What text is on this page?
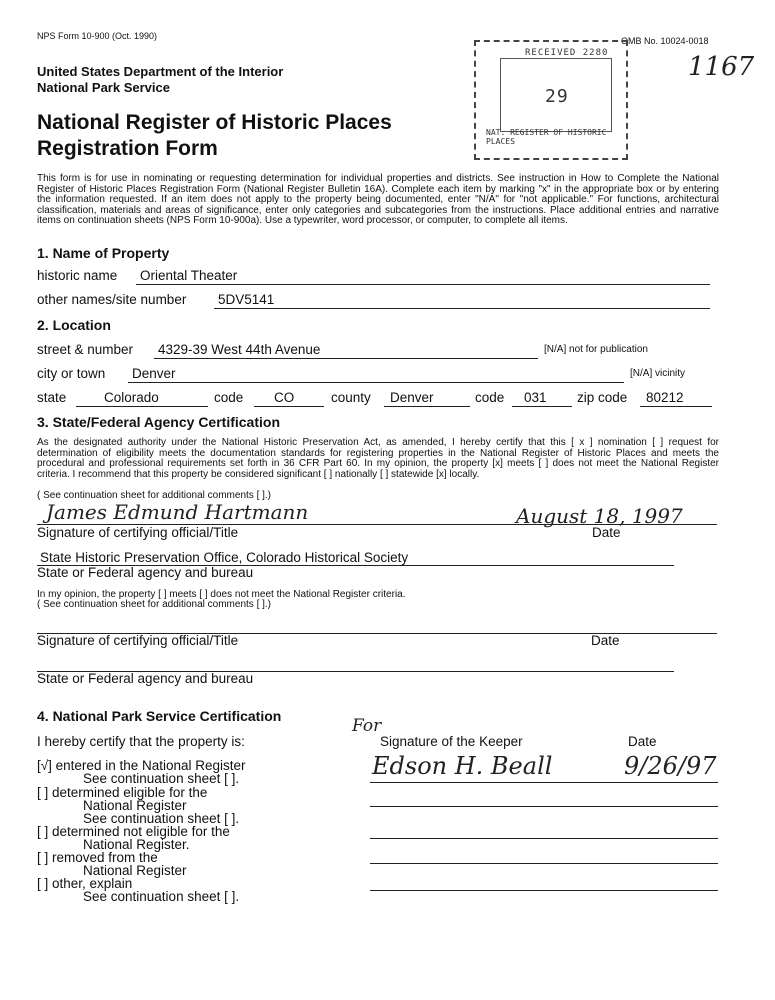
NPS Form 10-900 (Oct. 1990)	OMB No. 10024-0018
RECEIVED 2280
29
NAT. REGISTER OF HISTORIC PLACES
1167
United States Department of the Interior
National Park Service
National Register of Historic Places
Registration Form
This form is for use in nominating or requesting determination for individual properties and districts. See instruction in How to Complete the National Register of Historic Places Registration Form (National Register Bulletin 16A). Complete each item by marking "x" in the appropriate box or by entering the information requested. If an item does not apply to the property being documented, enter "N/A" for "not applicable." For functions, architectural classification, materials and areas of significance, enter only categories and subcategories from the instructions. Place additional entries and narrative items on continuation sheets (NPS Form 10-900a). Use a typewriter, word processor, or computer, to complete all items.
1. Name of Property
historic name Oriental Theater
other names/site number 5DV5141
2. Location
street & number 4329-39 West 44th Avenue	[N/A] not for publication
city or town Denver	[N/A] vicinity
state	Colorado	code CO	county Denver	code 031 zip code 80212
3. State/Federal Agency Certification
As the designated authority under the National Historic Preservation Act, as amended, I hereby certify that this [ x ] nomination [ ] request for determination of eligibility meets the documentation standards for registering properties in the National Register of Historic Places and meets the procedural and professional requirements set forth in 36 CFR Part 60. In my opinion, the property [x] meets [ ] does not meet the National Register criteria. I recommend that this property be considered significant [ ] nationally [ ] statewide [x] locally.
( See continuation sheet for additional comments [ ].)
James Edmund Hartmann	August 18, 1997
Signature of certifying official/Title	Date
State Historic Preservation Office, Colorado Historical Society
State or Federal agency and bureau
In my opinion, the property [ ] meets [ ] does not meet the National Register criteria.
( See continuation sheet for additional comments [ ].)
Signature of certifying official/Title	Date
State or Federal agency and bureau
4. National Park Service Certification
I hereby certify that the property is:
For
Signature of the Keeper	Date
Edson H. Beall	9/26/97
[√] entered in the National Register
See continuation sheet [ ].
[ ] determined eligible for the
National Register
See continuation sheet [ ].
[ ] determined not eligible for the
National Register.
[ ] removed from the
National Register
[ ] other, explain
See continuation sheet [ ].
